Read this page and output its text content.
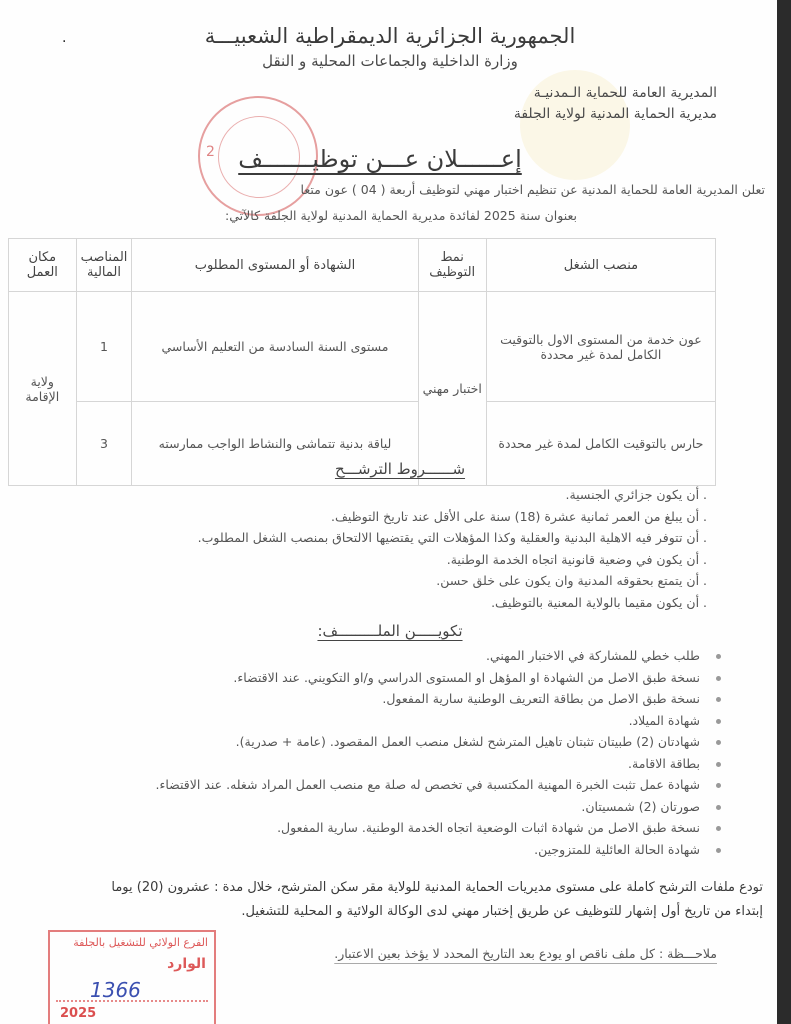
.	الجمهورية الجزائرية الديمقراطية الشعبيـــة
وزارة الداخلية والجماعات المحلية و النقل
المديرية العامة للحماية الـمدنيـة
مديرية الحماية المدنية لولاية الجلفة
2 إعــــــلان عـــن توظيـــــــف
تعلن المديرية العامة للحماية المدنية عن تنظيم اختبار مهني لتوظيف أربعة ( 04 ) عون متعا
بعنوان سنة 2025 لفائدة مديرية الحماية المدنية لولاية الجلفة كالآتي:
منصب الشغل	نمط التوظيف	الشهادة أو المستوى المطلوب	المناصب المالية	مكان العمل
عون خدمة من المستوى الاول بالتوقيت الكامل لمدة غير محددة	اختبار مهني	مستوى السنة السادسة من التعليم الأساسي	1	ولاية الإقامة
حارس بالتوقيت الكامل لمدة غير محددة		لياقة بدنية تتماشى والنشاط الواجب ممارسته	3	
شــــــروط الترشـــح
. أن يكون جزائري الجنسية.
. أن يبلغ من العمر ثمانية عشرة (18) سنة على الأقل عند تاريخ التوظيف.
. أن تتوفر فيه الاهلية البدنية والعقلية وكذا المؤهلات التي يقتضيها الالتحاق بمنصب الشغل المطلوب.
. أن يكون في وضعية قانونية اتجاه الخدمة الوطنية.
. أن يتمتع بحقوقه المدنية وان يكون على خلق حسن.
. أن يكون مقيما بالولاية المعنية بالتوظيف.
تكويـــــن الملـــــــــف:
طلب خطي للمشاركة في الاختبار المهني.
نسخة طبق الاصل من الشهادة او المؤهل او المستوى الدراسي و/او التكويني. عند الاقتضاء.
نسخة طبق الاصل من بطاقة التعريف الوطنية سارية المفعول.
شهادة الميلاد.
شهادتان (2) طبيتان تثبتان تاهيل المترشح لشغل منصب العمل المقصود. (عامة + صدرية).
بطاقة الاقامة.
شهادة عمل تثبت الخبرة المهنية المكتسبة في تخصص له صلة مع منصب العمل المراد شغله. عند الاقتضاء.
صورتان (2) شمسيتان.
نسخة طبق الاصل من شهادة اثبات الوضعية اتجاه الخدمة الوطنية. سارية المفعول.
شهادة الحالة العائلية للمتزوجين.
تودع ملفات الترشح كاملة على مستوى مديريات الحماية المدنية للولاية مقر سكن المترشح، خلال مدة : عشرون (20) يوما
إبتداء من تاريخ أول إشهار للتوظيف عن طريق إختبار مهني لدى الوكالة الولائية و المحلية للتشغيل.
ملاحـــظة : كل ملف ناقص او يودع بعد التاريخ المحدد لا يؤخذ بعين الاعتبار.
الفرع الولائي للتشغيل بالجلفة
الوارد
1366
2025
